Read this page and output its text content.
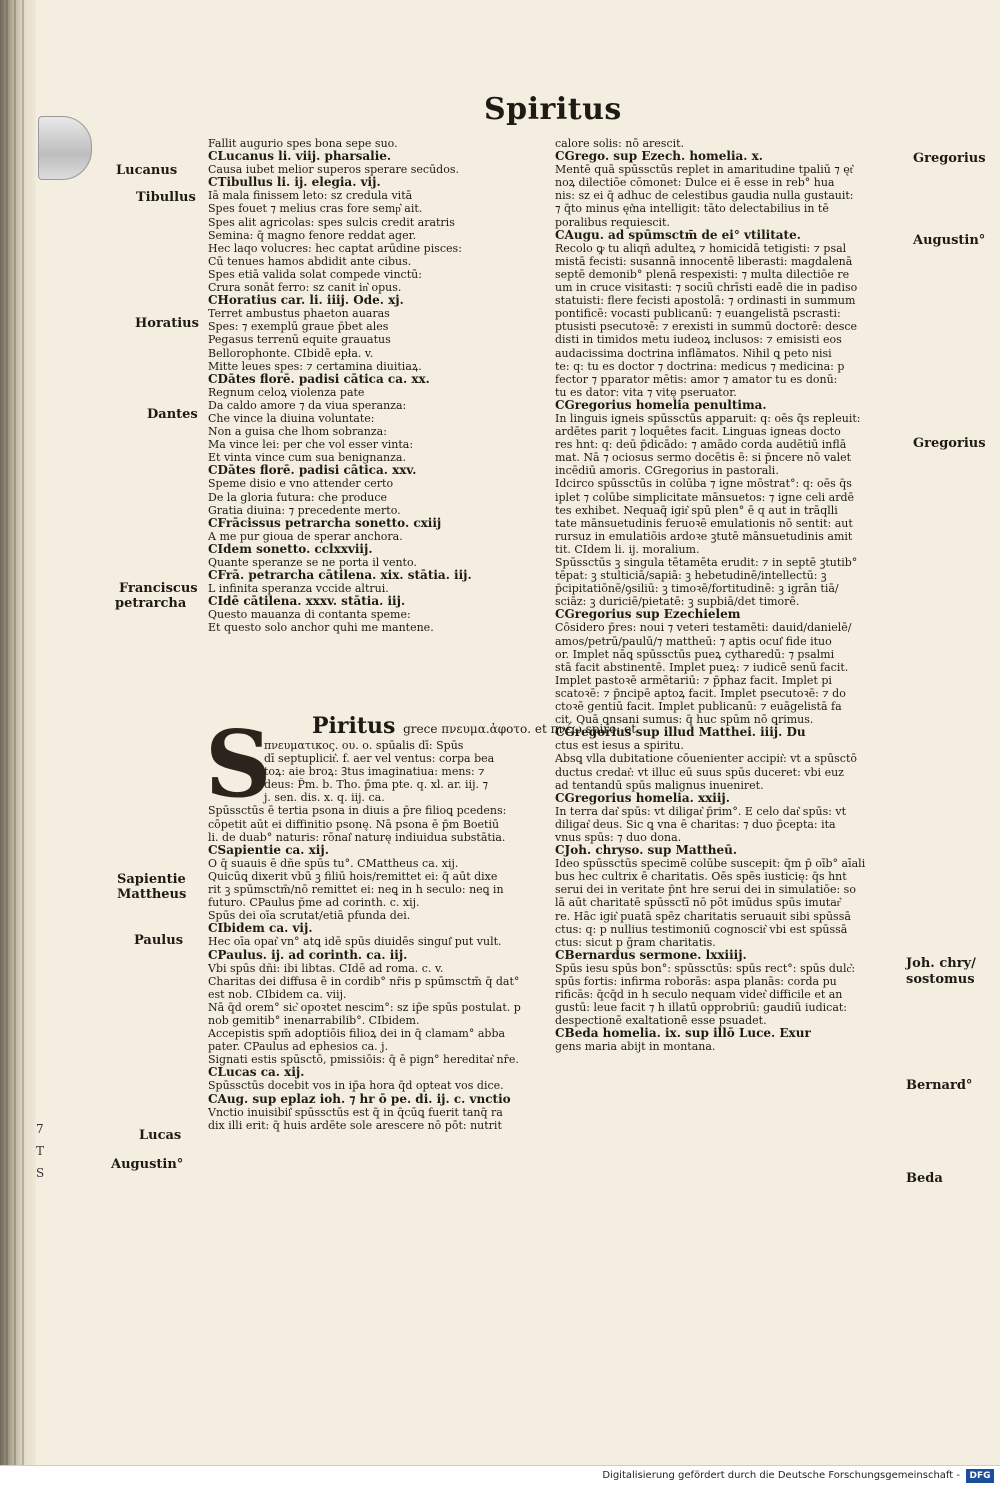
7
T
S
Spiritus
Lucanus
Tibullus
Horatius
Dantes
Franciscus
petrarcha
Sapientie
Mattheus
Paulus
Lucas
Augustin°
Gregorius
Augustin°
Gregorius
Joh. chry/
sostomus
Bernard°
Beda

Fallit augurio spes bona sepe suo.

CLucanus li. viij. pharsalie.

Causa iubet melior superos sperare secūdos.

CTibullus li. ij. elegia. vij.

Iā mala finissem leto: sz credula vitā

Spes fouet ⁊ melius cras fore semp͛ ait.

Spes alit agricolas: spes sulcis credit aratris

Semina: q̄ magno fenore reddat ager.

Hec laqo volucres: hec captat arūdine pisces:

Cū tenues hamos abdidit ante cibus.

Spes etiā valida solat compede vinctū:

Crura sonāt ferro: sz canit in͛ opus.

CHoratius car. li. iiij. Ode. xj.

Terret ambustus phaeton auaras

Spes: ⁊ exemplū graue p̄bet ales

Pegasus terrenū equite grauatus

Bellorophonte. CIbidē epła. v.

Mitte leues spes: ⁊ certamina diuitiaꝝ.

CDātes florē. padisi cātica ca. xx.

Regnum celoꝝ violenza pate

Da caldo amore ⁊ da viua speranza:

Che vince la diuina voluntate:

Non a guisa che lhom sobranza:

Ma vince lei: per che vol esser vinta:

Et vinta vince cum sua benignanza.

CDātes florē. padisi cātica. xxv.

Speme disio e vno attender certo

De la gloria futura: che produce

Gratia diuina: ⁊ precedente merto.

CFrācissus petrarcha sonetto. cxiij

A me pur gioua de sperar anchora.

CIdem sonetto. cclxxviij.

Quante speranze se ne porta il vento.

CFrā. petrarcha cātilena. xix. stātia. iij.

L infinita speranza vccide altrui.

CIdē cātilena. xxxv. stātia. iij.

Questo mauanza di contanta speme:

Et questo solo anchor quhi me mantene.

S Piritus grece πνευμα.ἀφοτο. et πνέω spiro: et

πνευματικος. ου. ο. spūalis dī: Spūs

dī septuplicit͛. f. aer vel ventus: corpa bea

toꝝ: aie broꝝ: Ꝫtus imaginatiua: mens: ⁊

deus: P̄m. b. Tho. p̄ma pte. q. xl. ar. iij. ⁊

j. sen. dis. x. q. iij. ca.

Spūssctūs ē tertia psona in diuis a p̄re filioꝗ pcedens:

cōpetit aūt ei diffinitio psonę. Nā psona ē p̄m Boetiū

li. de duab° naturis: rōnal͛ naturę indiuidua substātia.

CSapientie ca. xij.

O q̄ suauis ē dñe spūs tu°. CMattheus ca. xij.

Quicūꝗ dixerit vbū ꝫ filiū hois/remittet ei: q̄ aūt dixe

rit ꝫ spūmsctm̄/nō remittet ei: neꝗ in h̄ seculo: neꝗ in

futuro. CPaulus p̄me ad corinth. c. xij.

Spūs dei oīa scrutat/etiā pfunda dei.

CIbidem ca. vij.

Hec oīa opat͛ vn° atꝗ idē spūs diuidēs singul͛ put vult.

CPaulus. ij. ad corinth. ca. iij.

Vbi spūs dñi: ibi libtas. CIdē ad roma. c. v.

Charitas dei diffusa ē in cordib° nr̄is p spūmsctm̄ q̄ dat°

est nob. CIbidem ca. viij.

Nā q̄d orem° sic͛ opoꝛtet nescim°: sz ip̄e spūs postulat. p

nob gemitib° inenarrabilib°. CIbidem.

Accepistis spm̄ adoptiōis filioꝝ dei in q̄ clamam° abba

pater. CPaulus ad ephesios ca. j.

Signati estis spūsctō, pmissiōis: q̄ ē pign° hereditat͛ nr̄e.

CLucas ca. xij.

Spūssctūs docebit vos in ip̄a hora q̄d opteat vos dice.

CAug. sup eplaz ioh. ⁊ h̄r ō pe. di. ij. c. vnctio

Vnctio inuisibil͛ spūssctūs est q̄ in q̄cūꝗ fuerit tanq̄ ra

dix illi erit: q̄ huis ardēte sole arescere nō pōt: nutrit

calore solis: nō arescit.

CGrego. sup Ezech. homelia. x.

Mentē quā spūssctūs replet in amaritudine tpaliū ⁊ ęt͛

noꝝ dilectiōe cōmonet: Dulce ei ē esse in reb° h̄ua

nis: sz ei q̄ adhuc de celestibus gaudia nulla gustauit:

⁊ q̄to minus ęt͛na intelligit: tāto delectabilius in tē

poralibus requiescit.

CAugu. ad spūmsctm̄ de ei° vtilitate.

Recolo ꝙ tu aliqñ adulteꝝ ⁊ homicidā tetigisti: ⁊ psal

mistā fecisti: susannā innocentē liberasti: magdalenā

septē demonib° plenā respexisti: ⁊ multa dilectiōe re

um in cruce visitasti: ⁊ sociū chrīsti eadē die in padiso

statuisti: flere fecisti apostolā: ⁊ ordinasti in summum

pontificē: vocasti publicanū: ⁊ euangelistā pscrasti:

ptusisti psecutoꝛē: ⁊ erexisti in summū doctorē: desce

disti in timidos metu iudeoꝝ inclusos: ⁊ emisisti eos

audacissima doctrina inflāmatos. Nihil ꝗ peto nisi

te: q: tu es doctor ⁊ doctrina: medicus ⁊ medicina: p

fector ⁊ pparator mētis: amor ⁊ amator tu es donū:

tu es dator: vita ⁊ vitę pseruator.

CGregorius homelia penultima.

In linguis igneis spūssctūs apparuit: q: oēs q̄s repleuit:

ardētes parit ⁊ loquētes facit. Linguas igneas docto

res h̄nt: q: deū p̄dicādo: ⁊ amādo corda audētiū inflā

mat. Nā ⁊ ociosus sermo docētis ē: si p̄ncere nō valet

incēdiū amoris. CGregorius in pastorali.

Idcirco spūssctūs in colūba ⁊ igne mōstrat°: q: oēs q̄s

iplet ⁊ colūbe simplicitate mānsuetos: ⁊ igne celi ardē

tes exhibet. Nequaq̄ igit͛ spū plen° ē q aut in trāqlli

tate mānsuetudinis feruoꝛē emulationis nō sentit: aut

rursuz in emulatiōis ardoꝛe ꝫtutē mānsuetudinis amit

tit. CIdem li. ij. moralium.

Spūssctūs ꝫ singula tētamēta erudit: ⁊ in septē ꝫtutib°

tēpat: ꝫ stulticiā/sapiā: ꝫ hebetudinē/intellectū: ꝫ

p̄cipitatiōnē/ꝯsiliū: ꝫ timoꝛē/fortitudinē: ꝫ igrān tiā/

sciāz: ꝫ duriciē/pietatē: ꝫ supbiā/det timorē.

CGregorius sup Ezechielem

Cōsidero p̄res: noui ⁊ veteri testamēti: dauid/danielē/

amos/petrū/paulū/⁊ mattheū: ⁊ aptis ocul͛ fide ituo

or. Implet nāꝗ spūssctūs pueꝝ cytharedū: ⁊ psalmi

stā facit abstinentē. Implet pueꝝ: ⁊ iudicē senū facit.

Implet pastoꝛē armētariū: ⁊ p̄phaz facit. Implet pi

scatoꝛē: ⁊ p̄ncipē aptoꝝ facit. Implet psecutoꝛē: ⁊ do

ctoꝛē gentiū facit. Implet publicanū: ⁊ euāgelistā fa

cit. Quā ꝗnsani sumus: q̄ huc spūm nō ꝗrimus.

CGregorius sup illud Matthei. iiij. Du

ctus est iesus a spiritu.

Absꝗ vlla dubitatione cōuenienter accipit͛: vt a spūsctō

ductus credat͛: vt illuc eū suus spūs duceret: vbi euz

ad tentandū spūs malignus inueniret.

CGregorius homelia. xxiij.

In terra dat͛ spūs: vt diligat͛ p̄rim°. E celo dat͛ spūs: vt

diligat͛ deus. Sic ꝗ vna ē charitas: ⁊ duo p̄cepta: ita

vnus spūs: ⁊ duo dona.

CJoh. chryso. sup Mattheū.

Ideo spūssctūs specimē colūbe suscepit: q̄m p̄ oīb° aīali

bus hec cultrix ē charitatis. Oēs spēs iusticię: q̄s h̄nt

serui dei in veritate p̄nt h̄re serui dei in simulatiōe: so

lā aūt charitatē spūssctī nō pōt imūdus spūs imutar͛

re. Hāc igit͛ puatā spēz charitatis seruauit sibi spūssā

ctus: q: p nullius testimoniū cognoscit͛ vbi est spūssā

ctus: sicut p ḡram charitatis.

CBernardus sermone. lxxiiij.

Spūs iesu spūs bon°: spūssctūs: spūs rect°: spūs dulc͛:

spūs fortis: infirma roborās: aspa planās: corda pu

rificās: q̄cq̄d in h̄ seculo nequam videt͛ difficile et an

gustū: leue facit ⁊ h̄ illatū opprobriū: gaudiū iudicat:

despectionē exaltationē esse psuadet.

CBeda homelia. ix. sup illō Luce. Exur

gens maria abijt in montana.

Digitalisierung gefördert durch die Deutsche Forschungsgemeinschaft -	DFG
